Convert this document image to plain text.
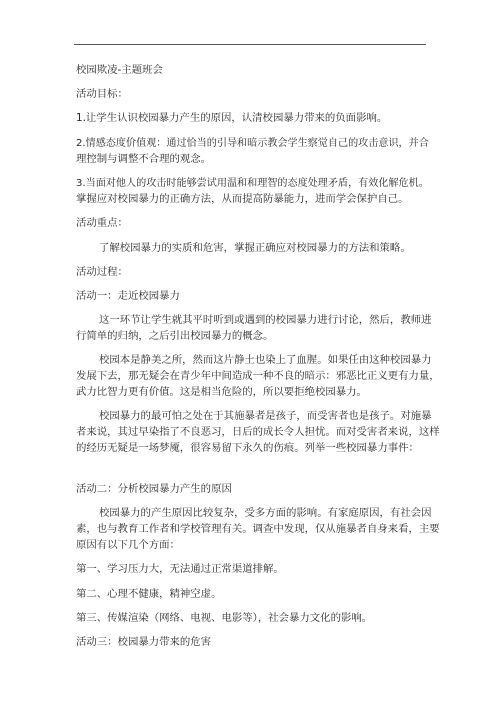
校园欺凌-主题班会
活动目标：
1.让学生认识校园暴力产生的原因，认清校园暴力带来的负面影响。
2.情感态度价值观：通过恰当的引导和暗示教会学生察觉自己的攻击意识，并合
理控制与调整不合理的观念。
3.当面对他人的攻击时能够尝试用温和和理智的态度处理矛盾，有效化解危机。
掌握应对校园暴力的正确方法，从而提高防暴能力，进而学会保护自己。
活动重点：
了解校园暴力的实质和危害，掌握正确应对校园暴力的方法和策略。
活动过程：
活动一：走近校园暴力
这一环节让学生就其平时听到或遇到的校园暴力进行讨论，然后，教师进
行简单的归纳，之后引出校园暴力的概念。
校园本是静美之所，然而这片静土也染上了血腥。如果任由这种校园暴力
发展下去，那无疑会在青少年中间造成一种不良的暗示：邪恶比正义更有力量，
武力比智力更有价值。这是相当危险的，所以要拒绝校园暴力。
校园暴力的最可怕之处在于其施暴者是孩子，而受害者也是孩子。对施暴
者来说，其过早染指了不良恶习，日后的成长令人担忧。而对受害者来说，这样
的经历无疑是一场梦魇，很容易留下永久的伤痕。列举一些校园暴力事件：
活动二：分析校园暴力产生的原因
校园暴力的产生原因比较复杂，受多方面的影响。有家庭原因，有社会因
素，也与教育工作者和学校管理有关。调查中发现，仅从施暴者自身来看，主要
原因有以下几个方面：
第一、学习压力大，无法通过正常渠道排解。
第二、心理不健康，精神空虚。
第三、传媒渲染（网络、电视、电影等），社会暴力文化的影响。
活动三：校园暴力带来的危害
